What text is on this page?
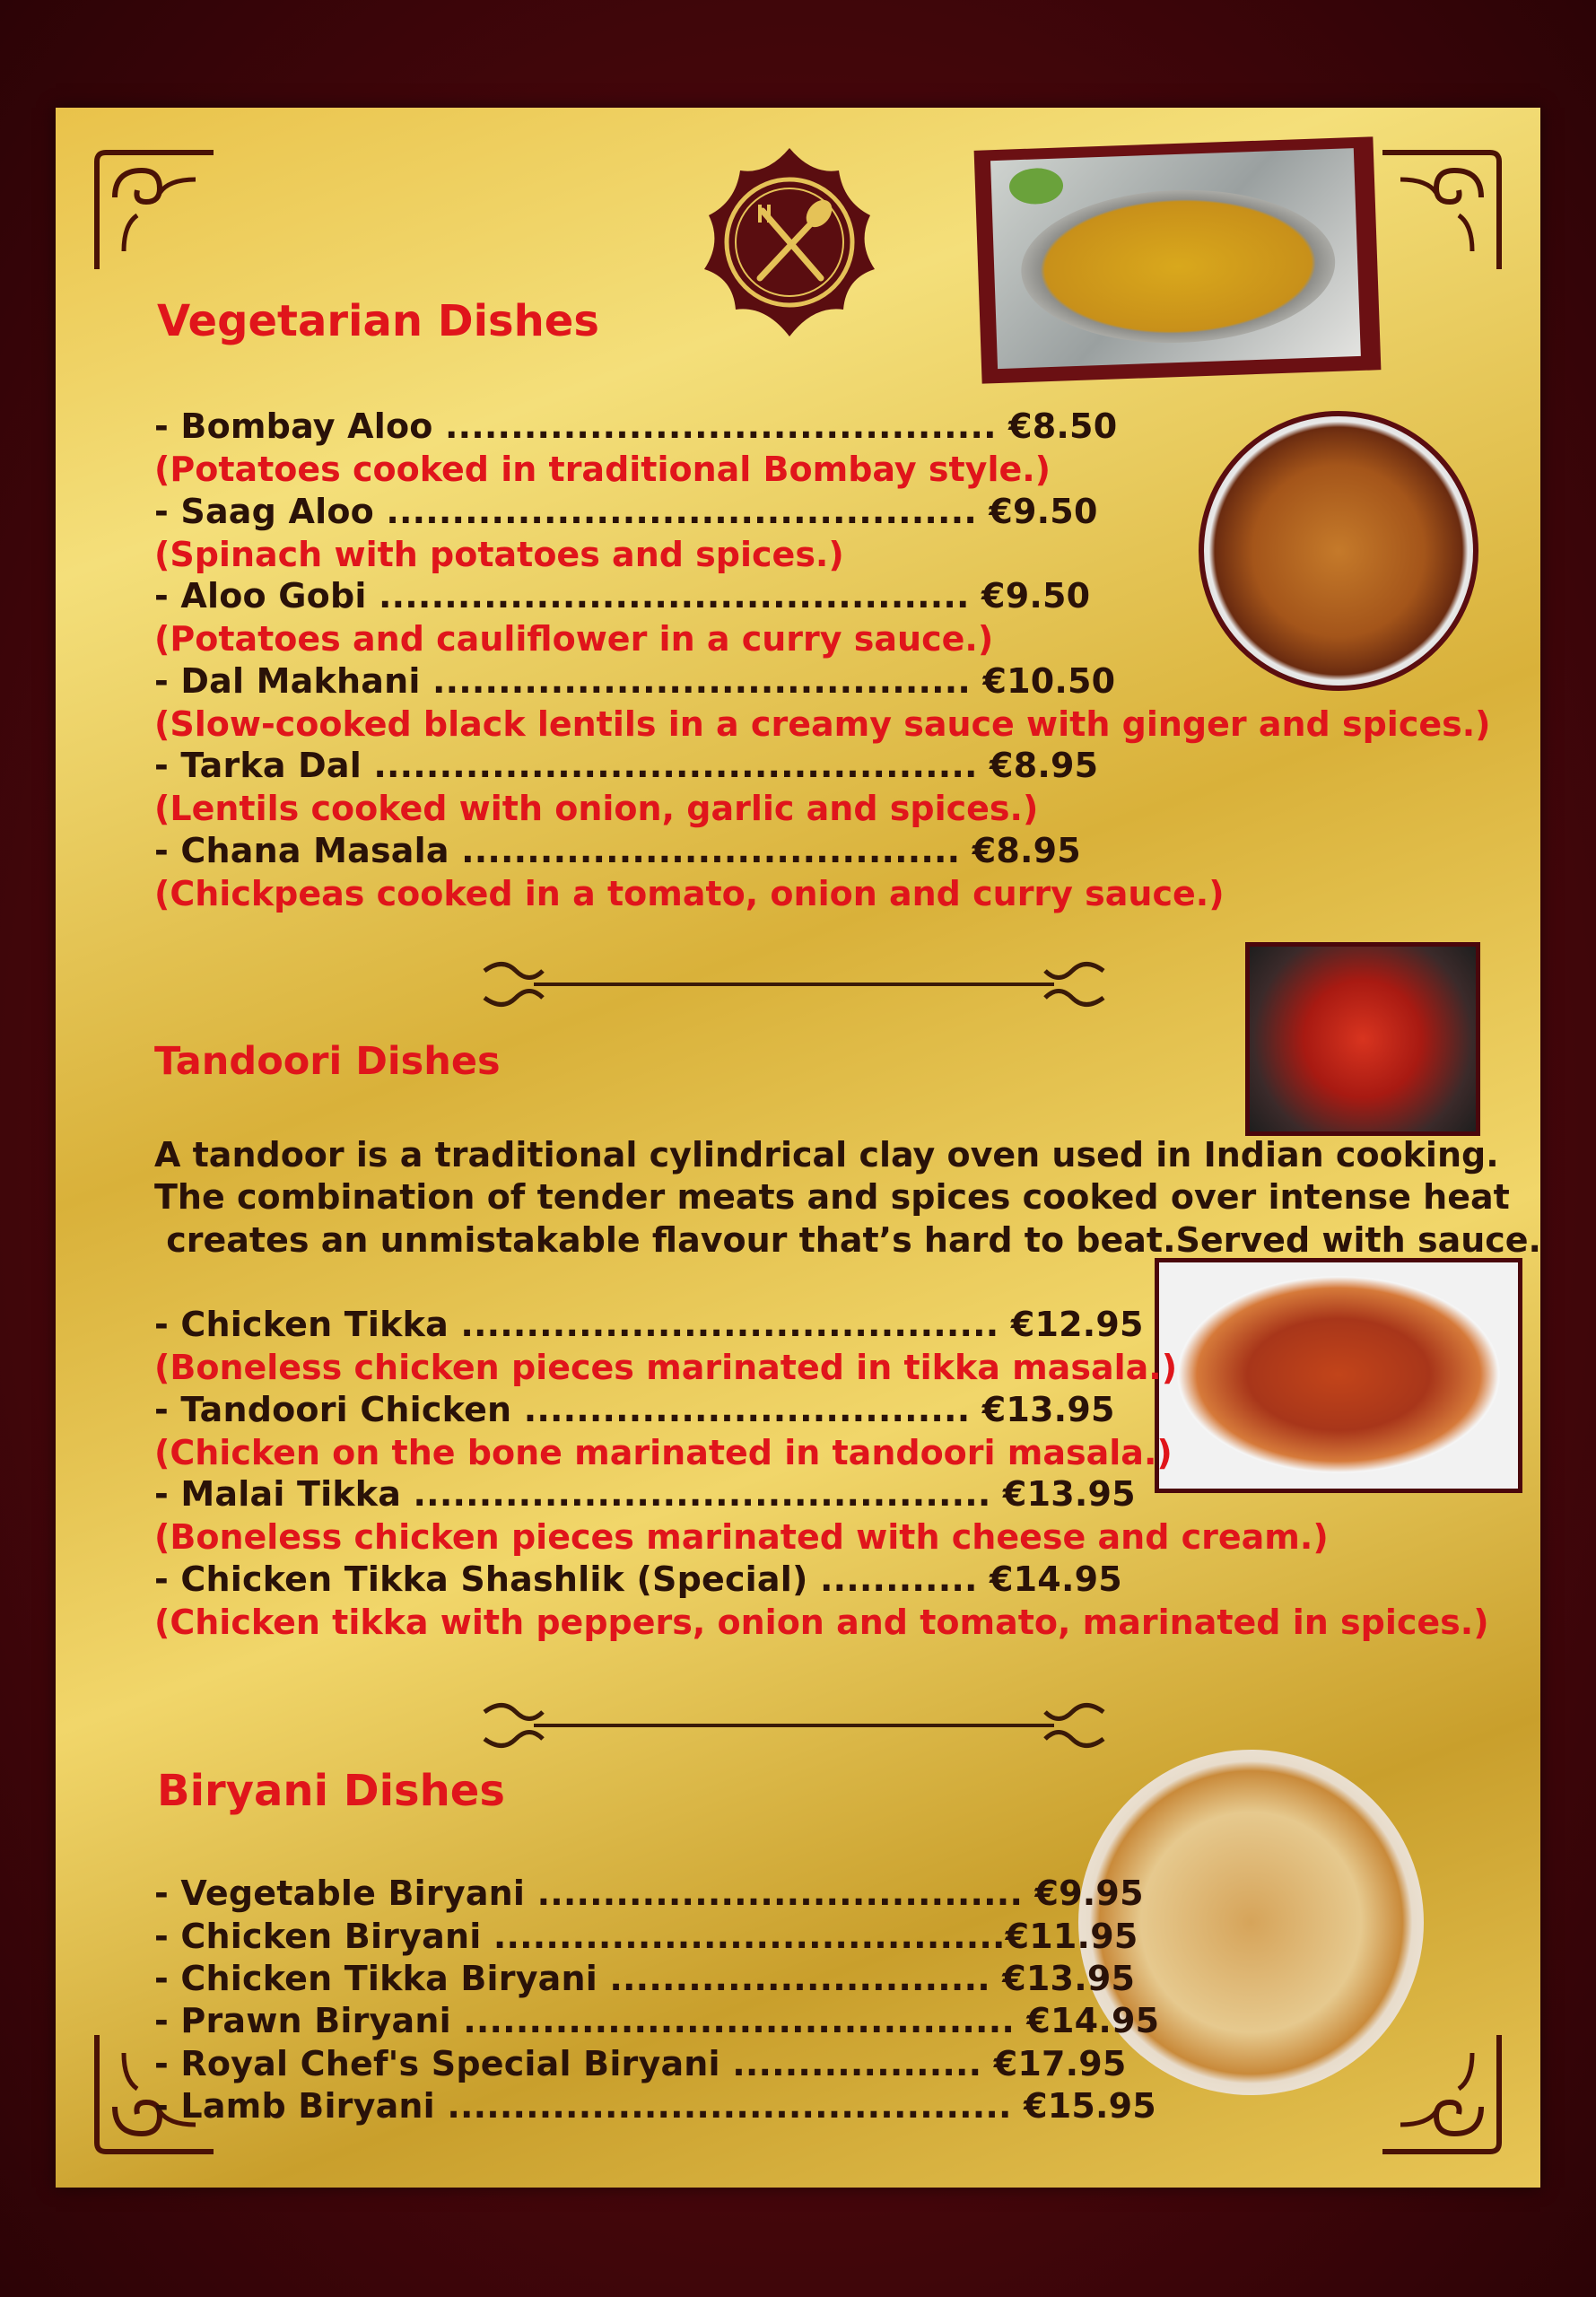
Vegetarian Dishes
- Bombay Aloo .......................................... €8.50
(Potatoes cooked in traditional Bombay style.)
- Saag Aloo ............................................. €9.50
(Spinach with potatoes and spices.)
- Aloo Gobi ............................................. €9.50
(Potatoes and cauliflower in a curry sauce.)
- Dal Makhani ......................................... €10.50
(Slow-cooked black lentils in a creamy sauce with ginger and spices.)
- Tarka Dal .............................................. €8.95
(Lentils cooked with onion, garlic and spices.)
- Chana Masala ...................................... €8.95
(Chickpeas cooked in a tomato, onion and curry sauce.)
Tandoori Dishes
A tandoor is a traditional cylindrical clay oven used in Indian cooking.
The combination of tender meats and spices cooked over intense heat
creates an unmistakable flavour that’s hard to beat.Served with sauce.
- Chicken Tikka ......................................... €12.95
(Boneless chicken pieces marinated in tikka masala.)
- Tandoori Chicken .................................. €13.95
(Chicken on the bone marinated in tandoori masala.)
- Malai Tikka ............................................ €13.95
(Boneless chicken pieces marinated with cheese and cream.)
- Chicken Tikka Shashlik (Special) ............ €14.95
(Chicken tikka with peppers, onion and tomato, marinated in spices.)
Biryani Dishes
- Vegetable Biryani ..................................... €9.95
- Chicken Biryani .......................................€11.95
- Chicken Tikka Biryani ............................. €13.95
- Prawn Biryani .......................................... €14.95
- Royal Chef's Special Biryani ................... €17.95
- Lamb Biryani ........................................... €15.95
